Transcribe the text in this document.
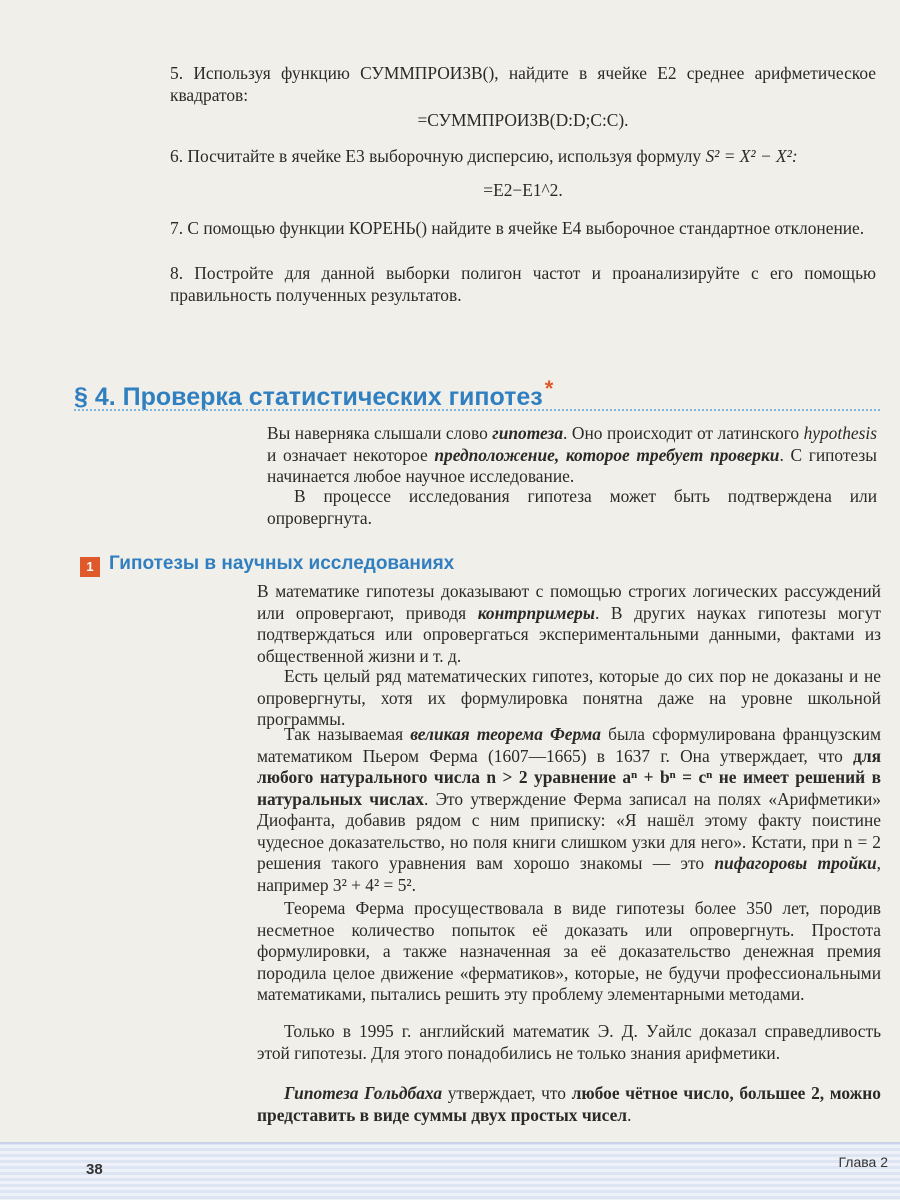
5. Используя функцию СУММПРОИЗВ(), найдите в ячейке E2 среднее арифметическое квадратов:

=СУММПРОИЗВ(D:D;C:C).

6. Посчитайте в ячейке E3 выборочную дисперсию, используя формулу S² = X² − X²:

=E2−E1^2.

7. С помощью функции КОРЕНЬ() найдите в ячейке E4 выборочное стандартное отклонение.

8. Постройте для данной выборки полигон частот и проанализируйте с его помощью правильность полученных результатов.

§ 4. Проверка статистических гипотез*

Вы наверняка слышали слово гипотеза. Оно происходит от латинского hypothesis и означает некоторое предположение, которое требует проверки. С гипотезы начинается любое научное исследование.

В процессе исследования гипотеза может быть подтверждена или опровергнута.

1 Гипотезы в научных исследованиях

В математике гипотезы доказывают с помощью строгих логических рассуждений или опровергают, приводя контрпримеры. В других науках гипотезы могут подтверждаться или опровергаться экспериментальными данными, фактами из общественной жизни и т. д.

Есть целый ряд математических гипотез, которые до сих пор не доказаны и не опровергнуты, хотя их формулировка понятна даже на уровне школьной программы.

Так называемая великая теорема Ферма была сформулирована французским математиком Пьером Ферма (1607—1665) в 1637 г. Она утверждает, что для любого натурального числа n > 2 уравнение aⁿ + bⁿ = cⁿ не имеет решений в натуральных числах. Это утверждение Ферма записал на полях «Арифметики» Диофанта, добавив рядом с ним приписку: «Я нашёл этому факту поистине чудесное доказательство, но поля книги слишком узки для него». Кстати, при n = 2 решения такого уравнения вам хорошо знакомы — это пифагоровы тройки, например 3² + 4² = 5².

Теорема Ферма просуществовала в виде гипотезы более 350 лет, породив несметное количество попыток её доказать или опровергнуть. Простота формулировки, а также назначенная за её доказательство денежная премия породила целое движение «ферматиков», которые, не будучи профессиональными математиками, пытались решить эту проблему элементарными методами.

Только в 1995 г. английский математик Э. Д. Уайлс доказал справедливость этой гипотезы. Для этого понадобились не только знания арифметики.

Гипотеза Гольдбаха утверждает, что любое чётное число, большее 2, можно представить в виде суммы двух простых чисел.

38	Глава 2
